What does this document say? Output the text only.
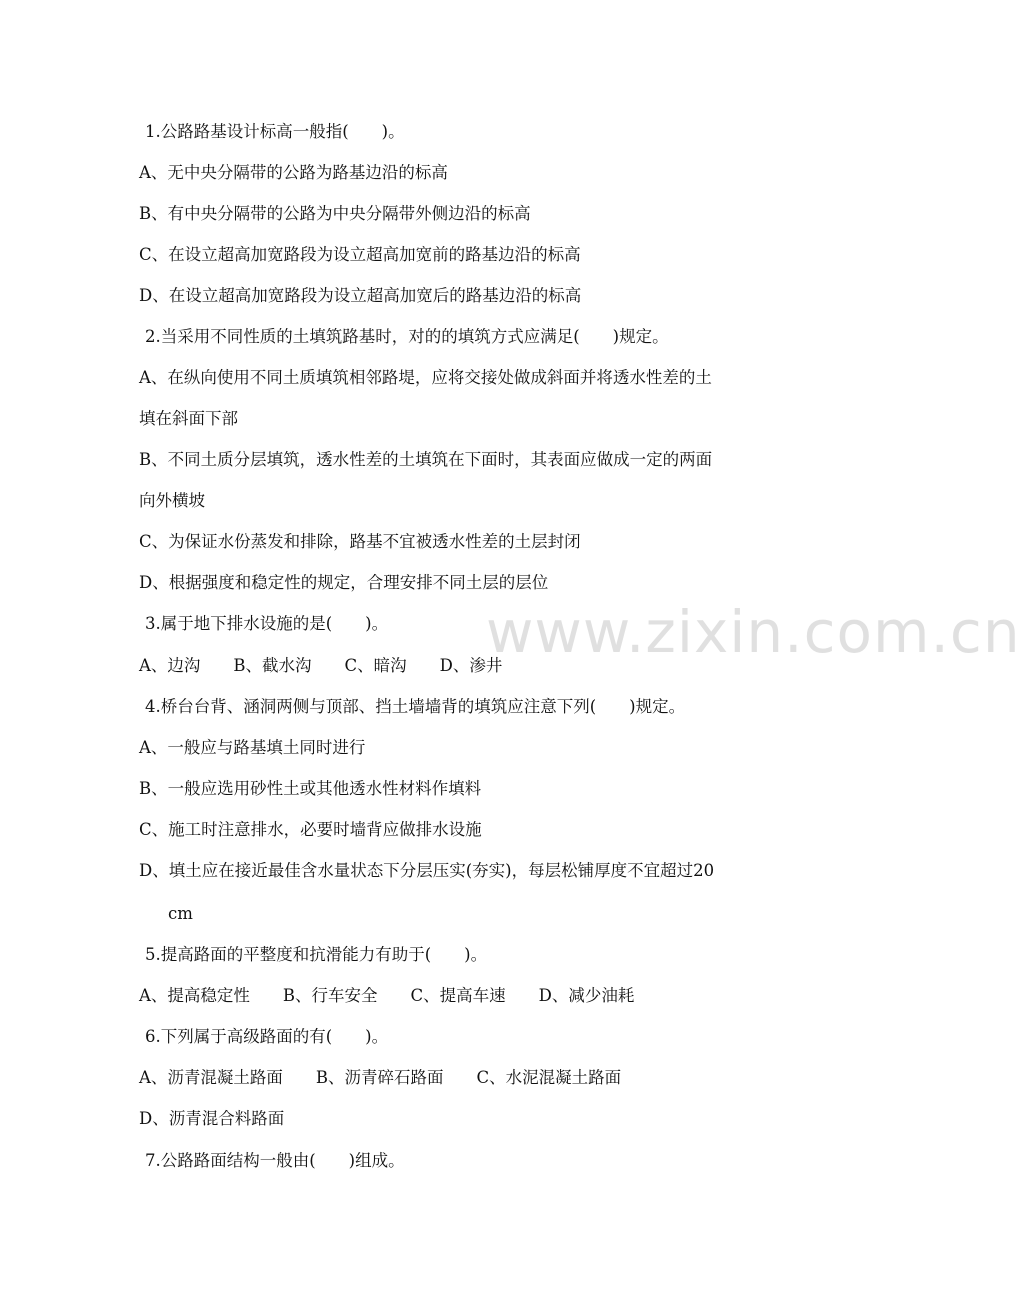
1.公路路基设计标高一般指(　　)。
A、无中央分隔带的公路为路基边沿的标高
B、有中央分隔带的公路为中央分隔带外侧边沿的标高
C、在设立超高加宽路段为设立超高加宽前的路基边沿的标高
D、在设立超高加宽路段为设立超高加宽后的路基边沿的标高
2.当采用不同性质的土填筑路基时，对的的填筑方式应满足(　　)规定。
A、在纵向使用不同土质填筑相邻路堤，应将交接处做成斜面并将透水性差的土
填在斜面下部
B、不同土质分层填筑，透水性差的土填筑在下面时，其表面应做成一定的两面
向外横坡
C、为保证水份蒸发和排除，路基不宜被透水性差的土层封闭
D、根据强度和稳定性的规定，合理安排不同土层的层位
3.属于地下排水设施的是(　　)。
A、边沟　　B、截水沟　　C、暗沟　　D、渗井
4.桥台台背、涵洞两侧与顶部、挡土墙墙背的填筑应注意下列(　　)规定。
A、一般应与路基填土同时进行
B、一般应选用砂性土或其他透水性材料作填料
C、施工时注意排水，必要时墙背应做排水设施
D、填土应在接近最佳含水量状态下分层压实(夯实)，每层松铺厚度不宜超过20
cm
5.提高路面的平整度和抗滑能力有助于(　　)。
A、提高稳定性　　B、行车安全　　C、提高车速　　D、减少油耗
6.下列属于高级路面的有(　　)。
A、沥青混凝土路面　　B、沥青碎石路面　　C、水泥混凝土路面
D、沥青混合料路面
7.公路路面结构一般由(　　)组成。
www.zixin.com.cn
